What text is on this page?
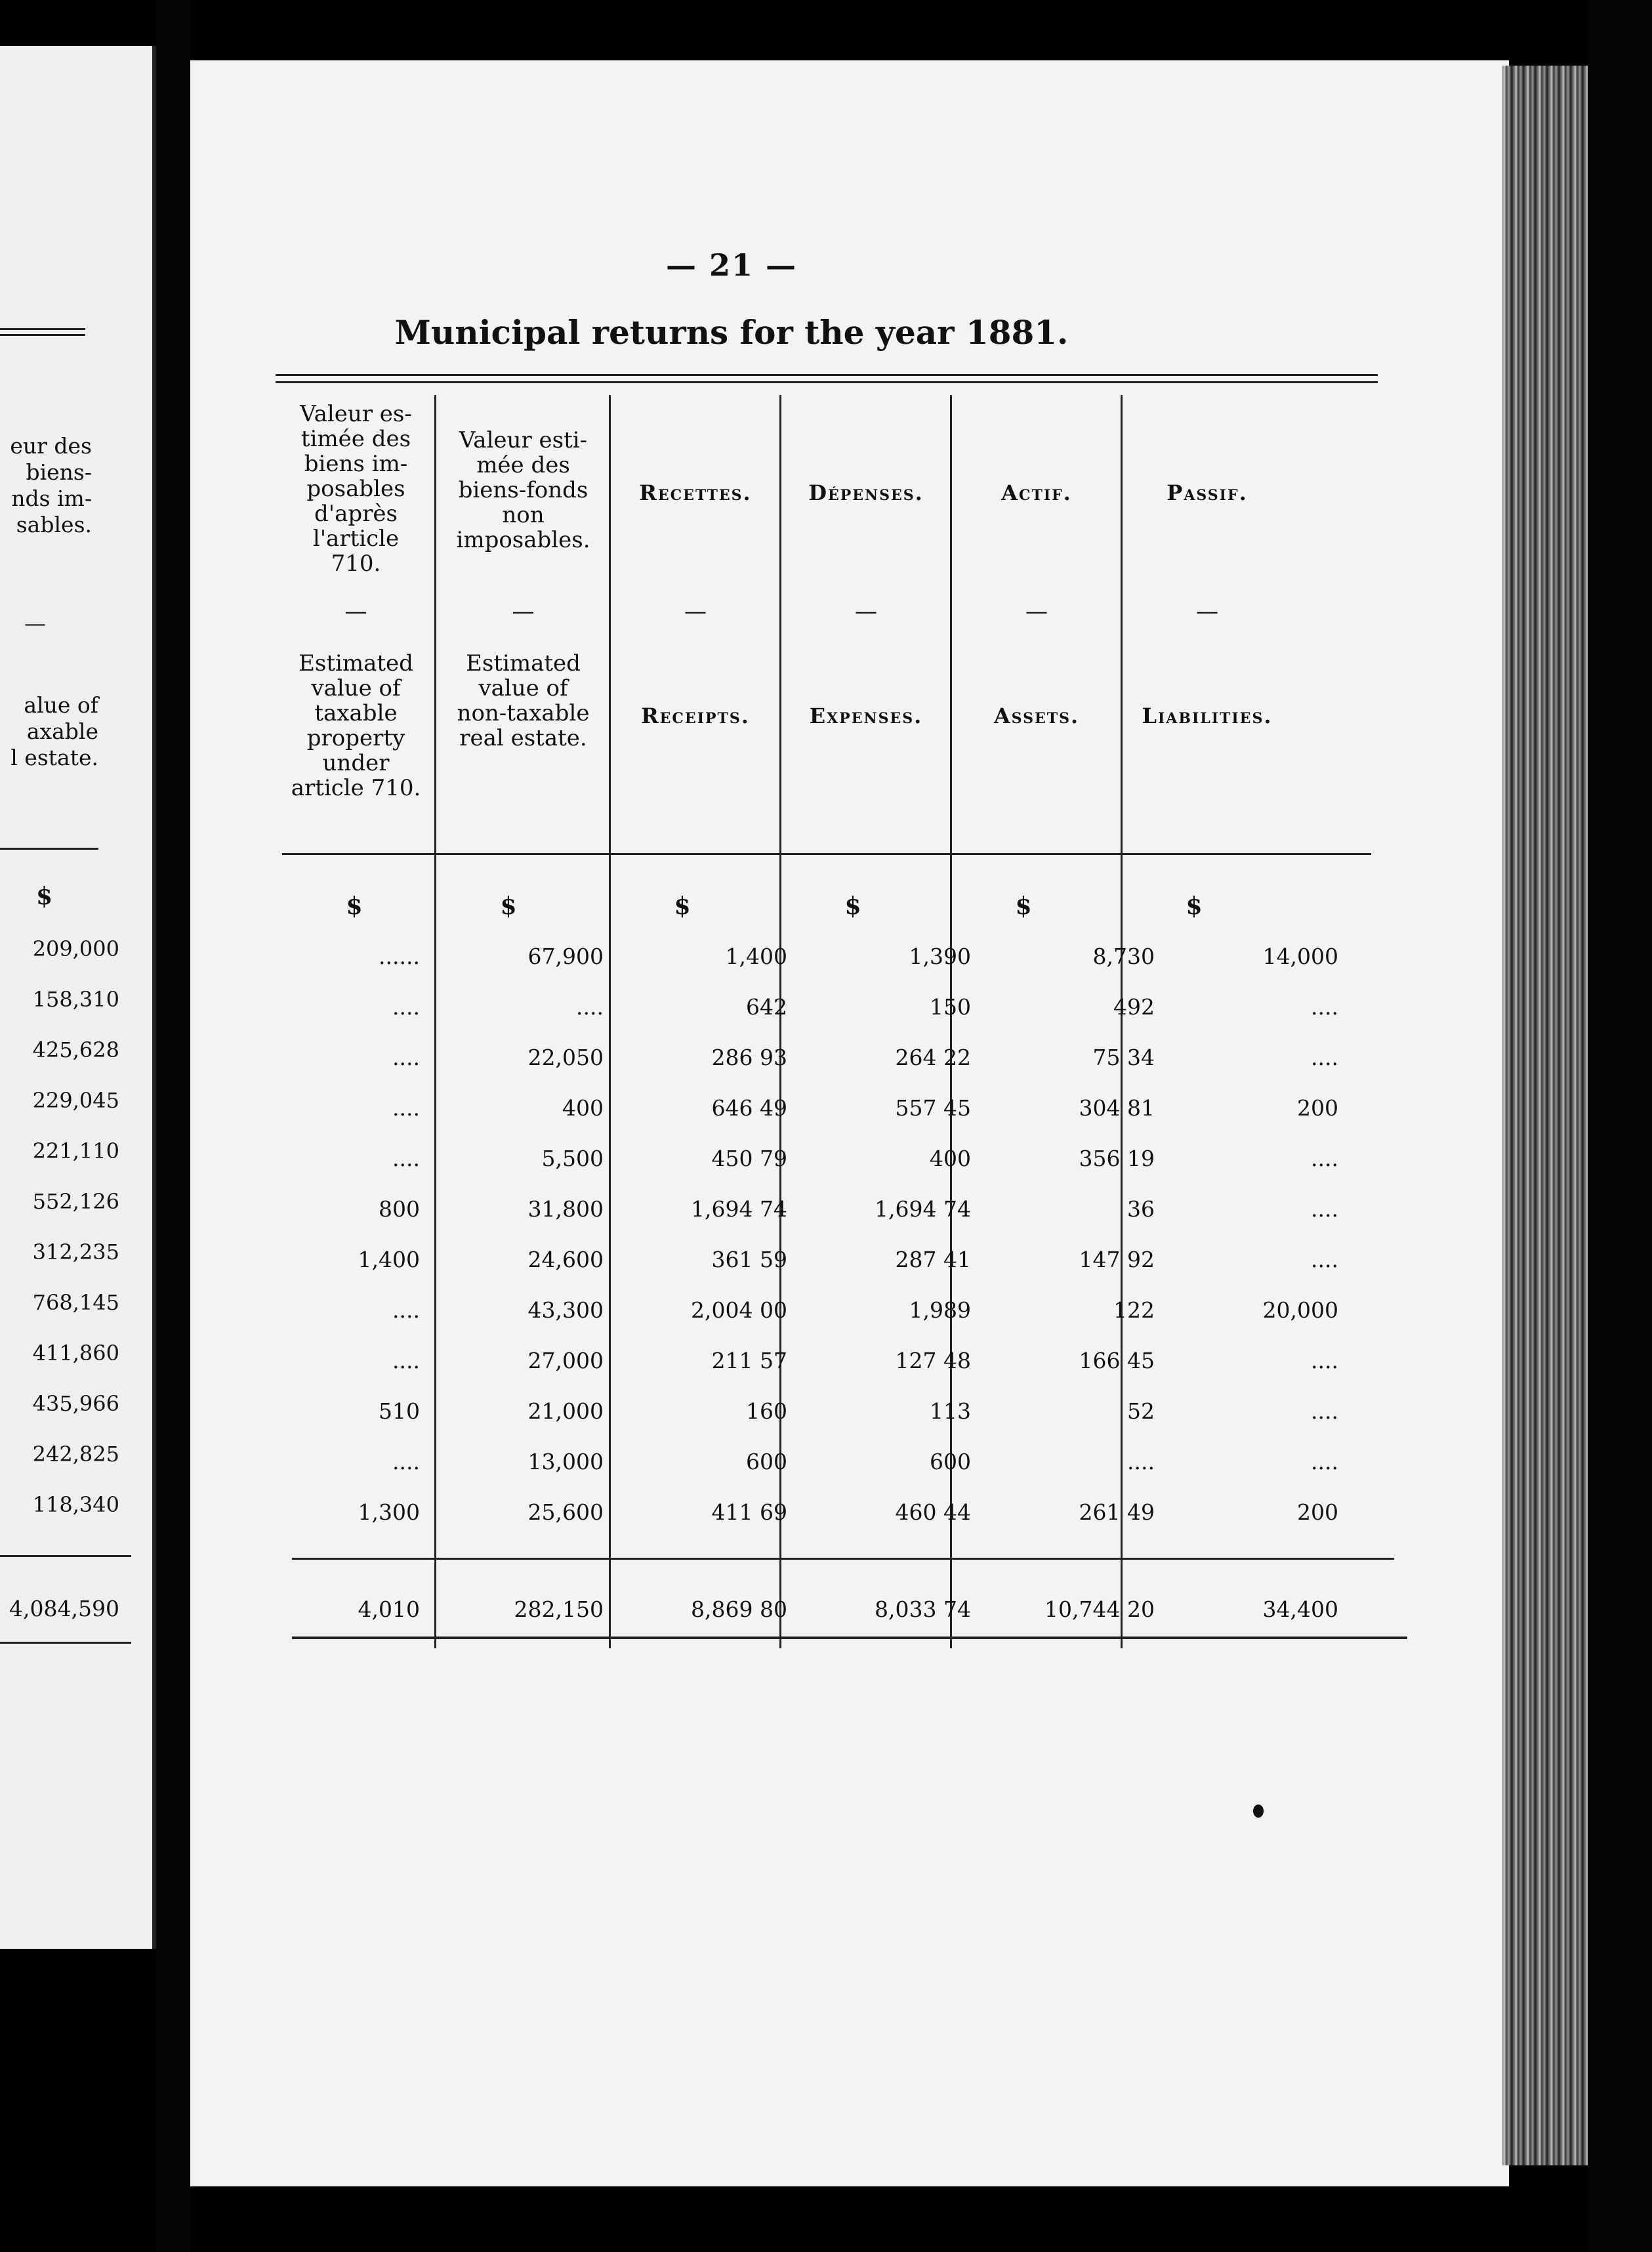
eur des
biens-
nds im-
sables.
—
alue of
axable
l estate.
$
209,000
158,310
425,628
229,045
221,110
552,126
312,235
768,145
411,860
435,966
242,825
118,340
4,084,590
— 21 —
Municipal returns for the year 1881.
Valeur es-
timée des
biens im-
posables
d'après
l'article
710.
—
Estimated
value of
taxable
property
under
article 710.
Valeur esti-
mée des
biens-fonds
non
imposables.
—
Estimated
value of
non-taxable
real estate.
Recettes.
—
Receipts.
Dépenses.
—
Expenses.
Actif.
—
Assets.
Passif.
—
Liabilities.
$	$	$	$	$	$
......	67,900	1,400	1,390	8,730	14,000
....	....	642	150	492	....
....	22,050	286 93	264 22	75 34	....
....	400	646 49	557 45	304 81	200
....	5,500	450 79	400	356 19	....
800	31,800	1,694 74	1,694 74	36	....
1,400	24,600	361 59	287 41	147 92	....
....	43,300	2,004 00	1,989	122	20,000
....	27,000	211 57	127 48	166 45	....
510	21,000	160	113	52	....
....	13,000	600	600	....	....
1,300	25,600	411 69	460 44	261 49	200
4,010	282,150	8,869 80	8,033 74	10,744 20	34,400
